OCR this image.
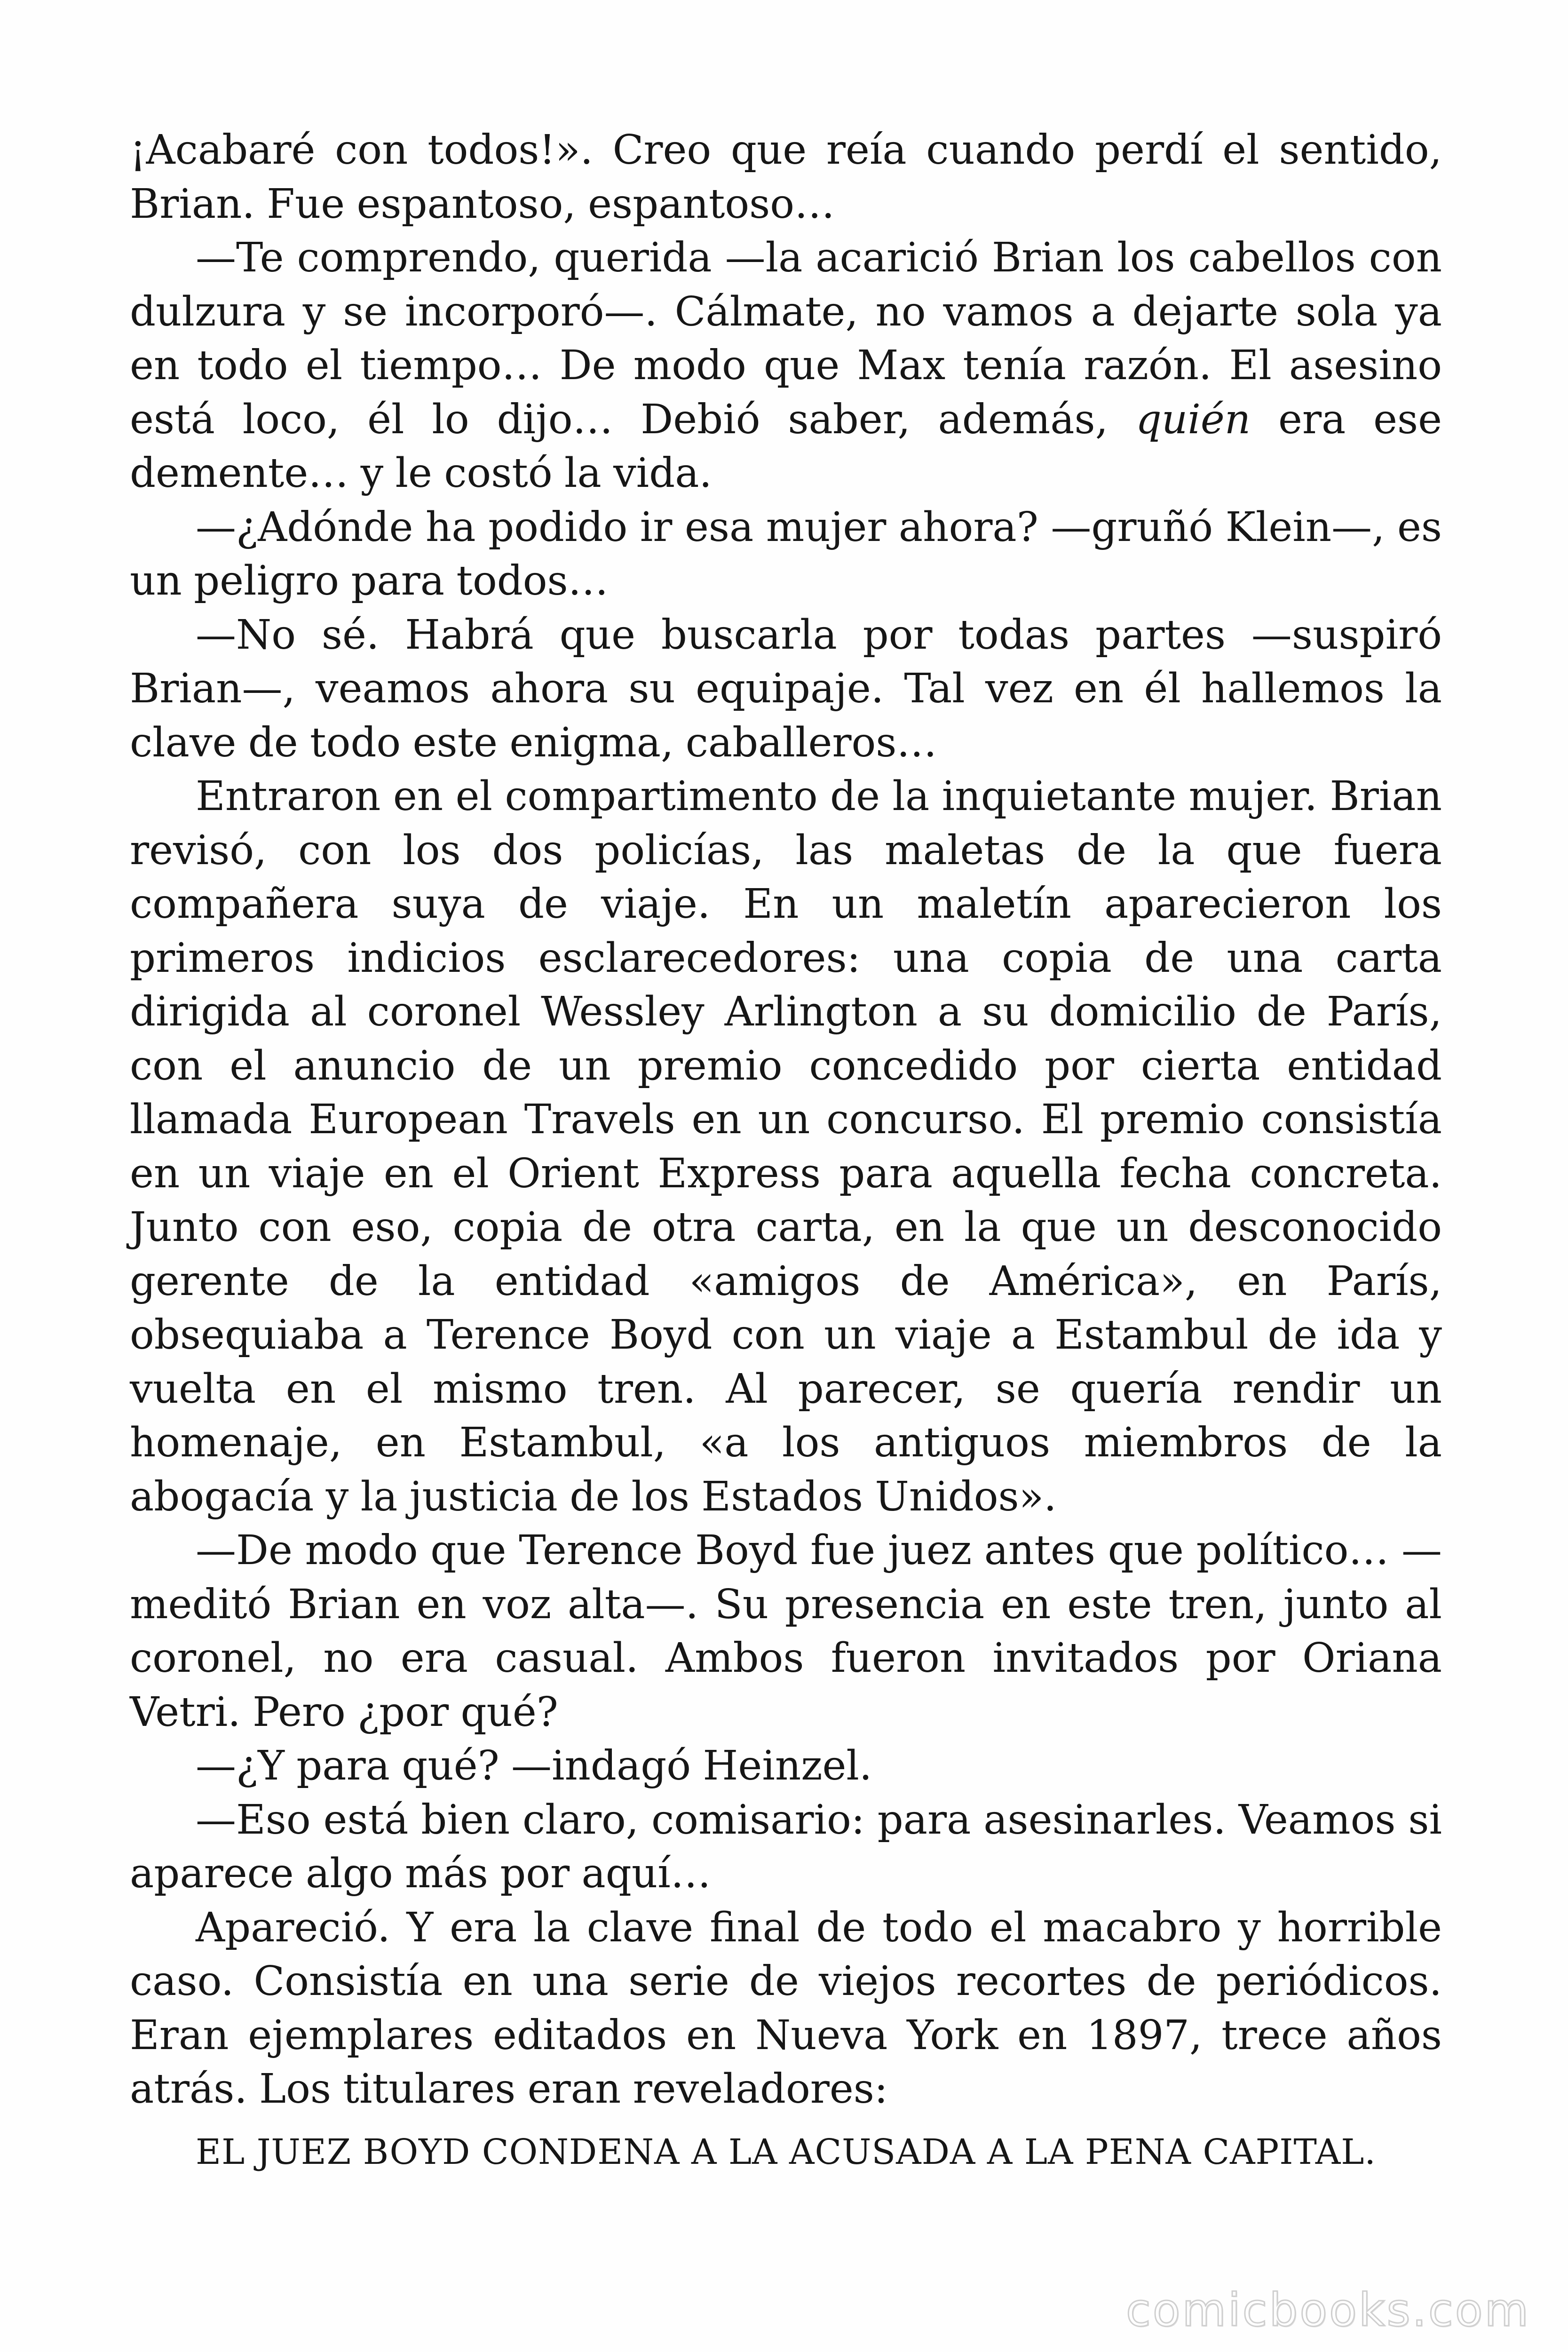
¡Acabaré con todos!». Creo que reía cuando perdí el sentido, Brian. Fue espantoso, espantoso…

—Te comprendo, querida —la acarició Brian los cabellos con dulzura y se incorporó—. Cálmate, no vamos a dejarte sola ya en todo el tiempo… De modo que Max tenía razón. El asesino está loco, él lo dijo… Debió saber, además, quién era ese demente… y le costó la vida.

—¿Adónde ha podido ir esa mujer ahora? —gruñó Klein—, es un peligro para todos…

—No sé. Habrá que buscarla por todas partes —suspiró Brian—, veamos ahora su equipaje. Tal vez en él hallemos la clave de todo este enigma, caballeros…

Entraron en el compartimento de la inquietante mujer. Brian revisó, con los dos policías, las maletas de la que fuera compañera suya de viaje. En un maletín aparecieron los primeros indicios esclarecedores: una copia de una carta dirigida al coronel Wessley Arlington a su domicilio de París, con el anuncio de un premio concedido por cierta entidad llamada European Travels en un concurso. El premio consistía en un viaje en el Orient Express para aquella fecha concreta. Junto con eso, copia de otra carta, en la que un desconocido gerente de la entidad «amigos de América», en París, obsequiaba a Terence Boyd con un viaje a Estambul de ida y vuelta en el mismo tren. Al parecer, se quería rendir un homenaje, en Estambul, «a los antiguos miembros de la abogacía y la justicia de los Estados Unidos».

—De modo que Terence Boyd fue juez antes que político… —meditó Brian en voz alta—. Su presencia en este tren, junto al coronel, no era casual. Ambos fueron invitados por Oriana Vetri. Pero ¿por qué?

—¿Y para qué? —indagó Heinzel.

—Eso está bien claro, comisario: para asesinarles. Veamos si aparece algo más por aquí…

Apareció. Y era la clave final de todo el macabro y horrible caso. Consistía en una serie de viejos recortes de periódicos. Eran ejemplares editados en Nueva York en 1897, trece años atrás. Los titulares eran reveladores:

EL JUEZ BOYD CONDENA A LA ACUSADA A LA PENA CAPITAL.

comicbooks.com
